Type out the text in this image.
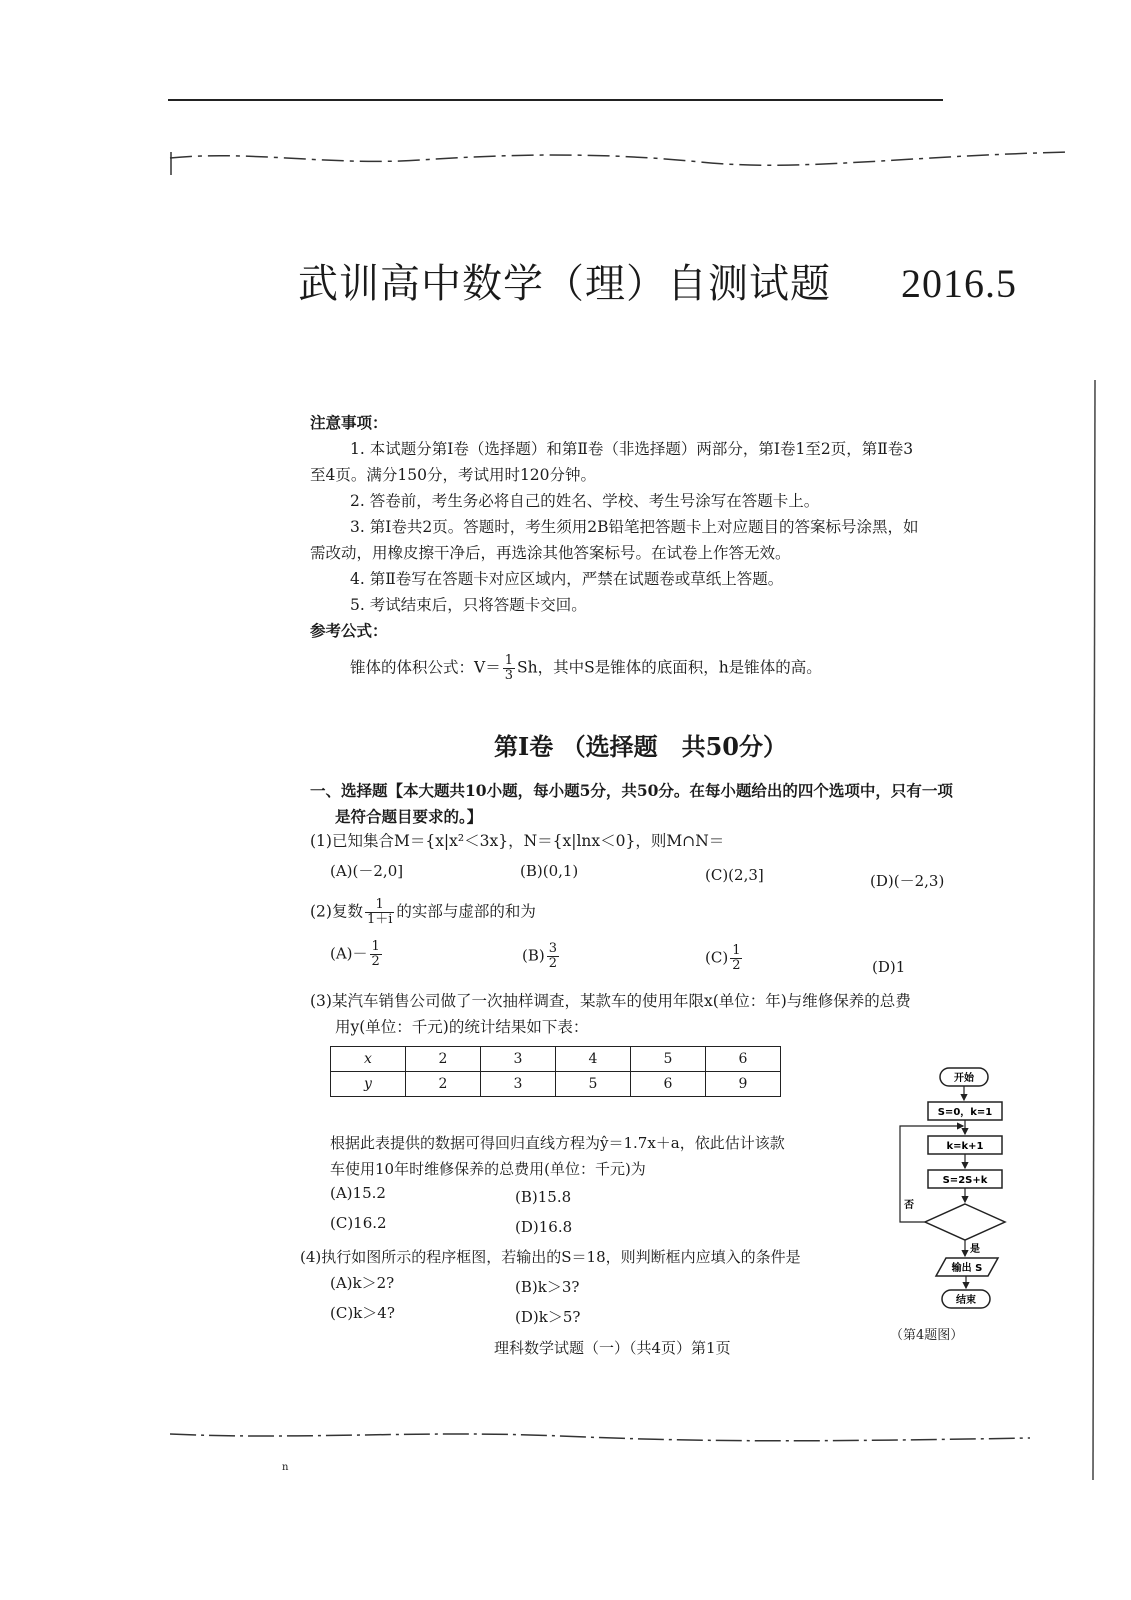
武训高中数学（理）自测试题 2016.5
注意事项：
1. 本试题分第Ⅰ卷（选择题）和第Ⅱ卷（非选择题）两部分，第Ⅰ卷1至2页，第Ⅱ卷3
至4页。满分150分，考试用时120分钟。
2. 答卷前，考生务必将自己的姓名、学校、考生号涂写在答题卡上。
3. 第Ⅰ卷共2页。答题时，考生须用2B铅笔把答题卡上对应题目的答案标号涂黑，如
需改动，用橡皮擦干净后，再选涂其他答案标号。在试卷上作答无效。
4. 第Ⅱ卷写在答题卡对应区域内，严禁在试题卷或草纸上答题。
5. 考试结束后，只将答题卡交回。
参考公式：
锥体的体积公式：$V= \frac{1}{3}$ Sh，其中S是锥体的底面积，h是锥体的高。
第Ⅰ卷 （选择题　共50分）
一、选择题【本大题共10小题，每小题5分，共50分。在每小题给出的四个选项中，只有一项
是符合题目要求的。】
(1)已知集合M＝{x|x²＜3x}，N＝{x|lnx＜0}，则M∩N＝
(A)(－2,0]	(B)(0,1)	(C)(2,3]	(D)(－2,3)
(2)复数 $\frac{1}{1+i}$ 的实部与虚部的和为
$(A)- \frac{1}{2}$	$(B) \frac{3}{2}$	$(C) \frac{1}{2}$	(D)1
(3)某汽车销售公司做了一次抽样调查，某款车的使用年限x(单位：年)与维修保养的总费
用y(单位：千元)的统计结果如下表：
x	2	3	4	5	6
y	2	3	5	6	9
根据此表提供的数据可得回归直线方程为ŷ＝1.7x＋a，依此估计该款
车使用10年时维修保养的总费用(单位：千元)为
(A)15.2	(B)15.8
(C)16.2	(D)16.8
(4)执行如图所示的程序框图，若输出的S＝18，则判断框内应填入的条件是
(A)k＞2?	(B)k＞3?
(C)k＞4?	(D)k＞5?
开始
S=0，k=1
k=k+1
S=2S+k
否
是
输出 S
结束
（第4题图）
理科数学试题（一）（共4页）第1页
n
